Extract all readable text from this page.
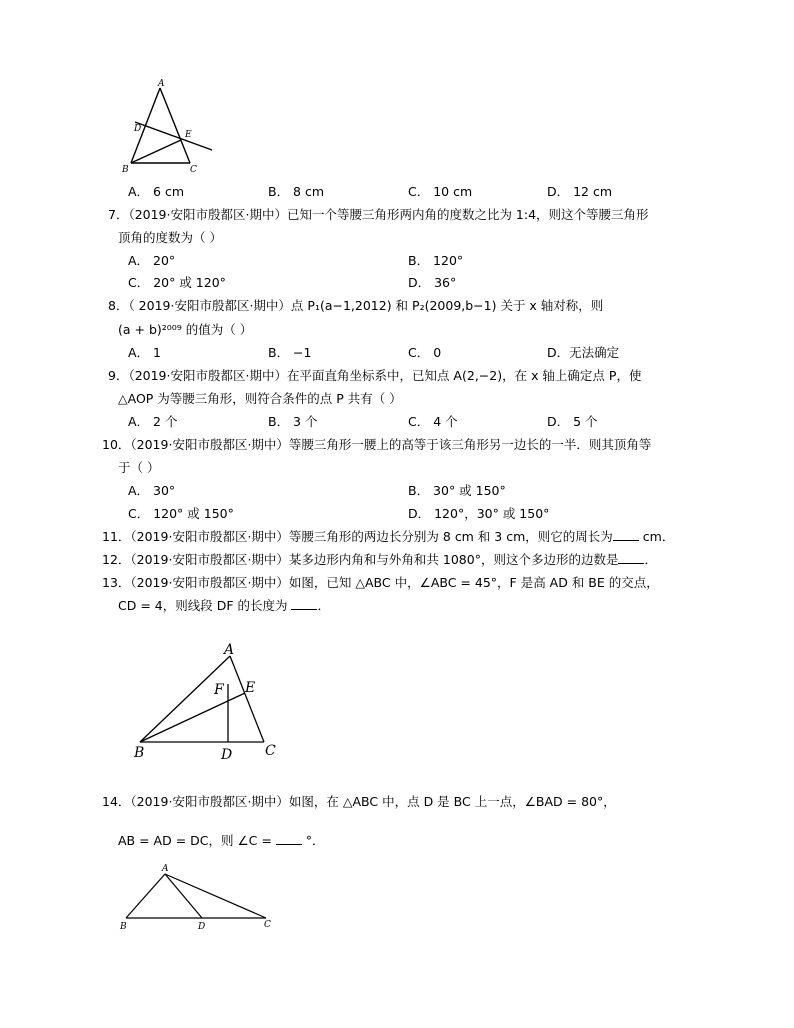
A
D
E
B	C
A． 6 cm	B． 8 cm	C． 10 cm	D． 12 cm
7．（2019·安阳市殷都区·期中）已知一个等腰三角形两内角的度数之比为 1:4，则这个等腰三角形
顶角的度数为（ ）
A． 20°	B． 120°
C． 20° 或 120°	D． 36°
8．（ 2019·安阳市殷都区·期中）点 P₁(a−1,2012) 和 P₂(2009,b−1) 关于 x 轴对称，则
(a + b)²⁰⁰⁹ 的值为（ ）
A． 1	B． −1	C． 0	D．无法确定
9．（2019·安阳市殷都区·期中）在平面直角坐标系中，已知点 A(2,−2)，在 x 轴上确定点 P，使
△AOP 为等腰三角形，则符合条件的点 P 共有（ ）
A． 2 个	B． 3 个	C． 4 个	D． 5 个
10．（2019·安阳市殷都区·期中）等腰三角形一腰上的高等于该三角形另一边长的一半．则其顶角等
于（ ）
A． 30°	B． 30° 或 150°
C． 120° 或 150°	D． 120°，30° 或 150°
11．（2019·安阳市殷都区·期中）等腰三角形的两边长分别为 8 cm 和 3 cm，则它的周长为 cm．
12．（2019·安阳市殷都区·期中）某多边形内角和与外角和共 1080°，则这个多边形的边数是 ．
13．（2019·安阳市殷都区·期中）如图，已知 △ABC 中，∠ABC = 45°，F 是高 AD 和 BE 的交点，
CD = 4，则线段 DF 的长度为 ．
A
F E
B	D C
14．（2019·安阳市殷都区·期中）如图，在 △ABC 中，点 D 是 BC 上一点，∠BAD = 80°，
AB = AD = DC，则 ∠C =  °．
A
B	D	C
